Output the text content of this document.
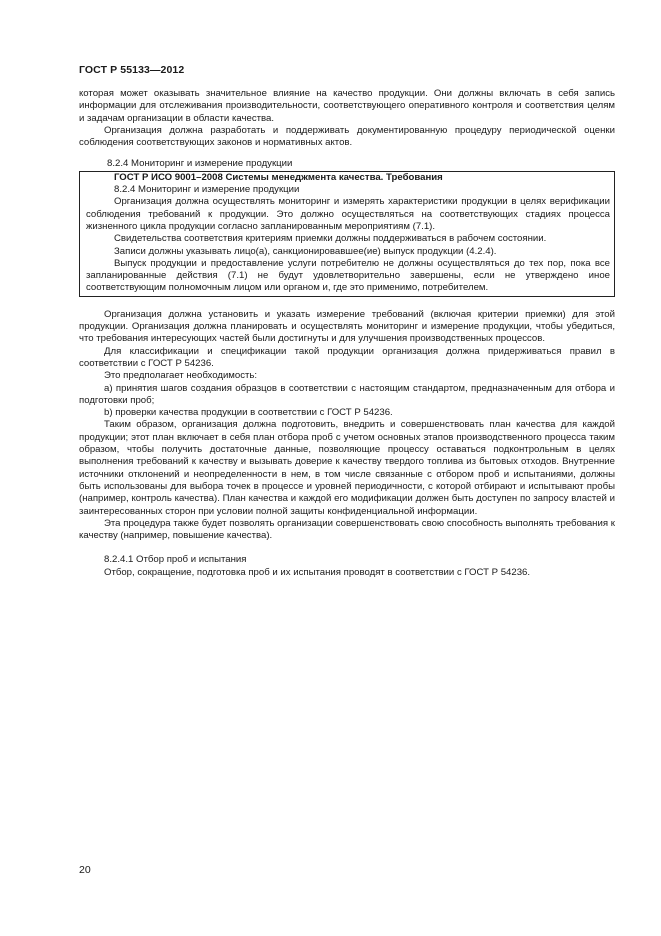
ГОСТ Р 55133—2012

которая может оказывать значительное влияние на качество продукции. Они должны включать в себя запись информации для отслеживания производительности, соответствующего оперативного контроля и соответствия целям и задачам организации в области качества.

Организация должна разработать и поддерживать документированную процедуру периодической оценки соблюдения соответствующих законов и нормативных актов.

8.2.4 Мониторинг и измерение продукции

ГОСТ Р ИСО 9001–2008 Системы менеджмента качества. Требования

8.2.4 Мониторинг и измерение продукции

Организация должна осуществлять мониторинг и измерять характеристики продукции в целях верификации соблюдения требований к продукции. Это должно осуществляться на соответствующих стадиях процесса жизненного цикла продукции согласно запланированным мероприятиям (7.1).

Свидетельства соответствия критериям приемки должны поддерживаться в рабочем состоянии.

Записи должны указывать лицо(а), санкционировавшее(ие) выпуск продукции (4.2.4).

Выпуск продукции и предоставление услуги потребителю не должны осуществляться до тех пор, пока все запланированные действия (7.1) не будут удовлетворительно завершены, если не утверждено иное соответствующим полномочным лицом или органом и, где это применимо, потребителем.

Организация должна установить и указать измерение требований (включая критерии приемки) для этой продукции. Организация должна планировать и осуществлять мониторинг и измерение продукции, чтобы убедиться, что требования интересующих частей были достигнуты и для улучшения производственных процессов.

Для классификации и спецификации такой продукции организация должна придерживаться правил в соответствии с ГОСТ Р 54236.

Это предполагает необходимость:

а) принятия шагов создания образцов в соответствии с настоящим стандартом, предназначенным для отбора и подготовки проб;

b) проверки качества продукции в соответствии с ГОСТ Р 54236.

Таким образом, организация должна подготовить, внедрить и совершенствовать план качества для каждой продукции; этот план включает в себя план отбора проб с учетом основных этапов производственного процесса таким образом, чтобы получить достаточные данные, позволяющие процессу оставаться подконтрольным в целях выполнения требований к качеству и вызывать доверие к качеству твердого топлива из бытовых отходов. Внутренние источники отклонений и неопределенности в нем, в том числе связанные с отбором проб и испытаниями, должны быть использованы для выбора точек в процессе и уровней периодичности, с которой отбирают и испытывают пробы (например, контроль качества). План качества и каждой его модификации должен быть доступен по запросу властей и заинтересованных сторон при условии полной защиты конфиденциальной информации.

Эта процедура также будет позволять организации совершенствовать свою способность выполнять требования к качеству (например, повышение качества).

8.2.4.1 Отбор проб и испытания

Отбор, сокращение, подготовка проб и их испытания проводят в соответствии с ГОСТ Р 54236.

20
